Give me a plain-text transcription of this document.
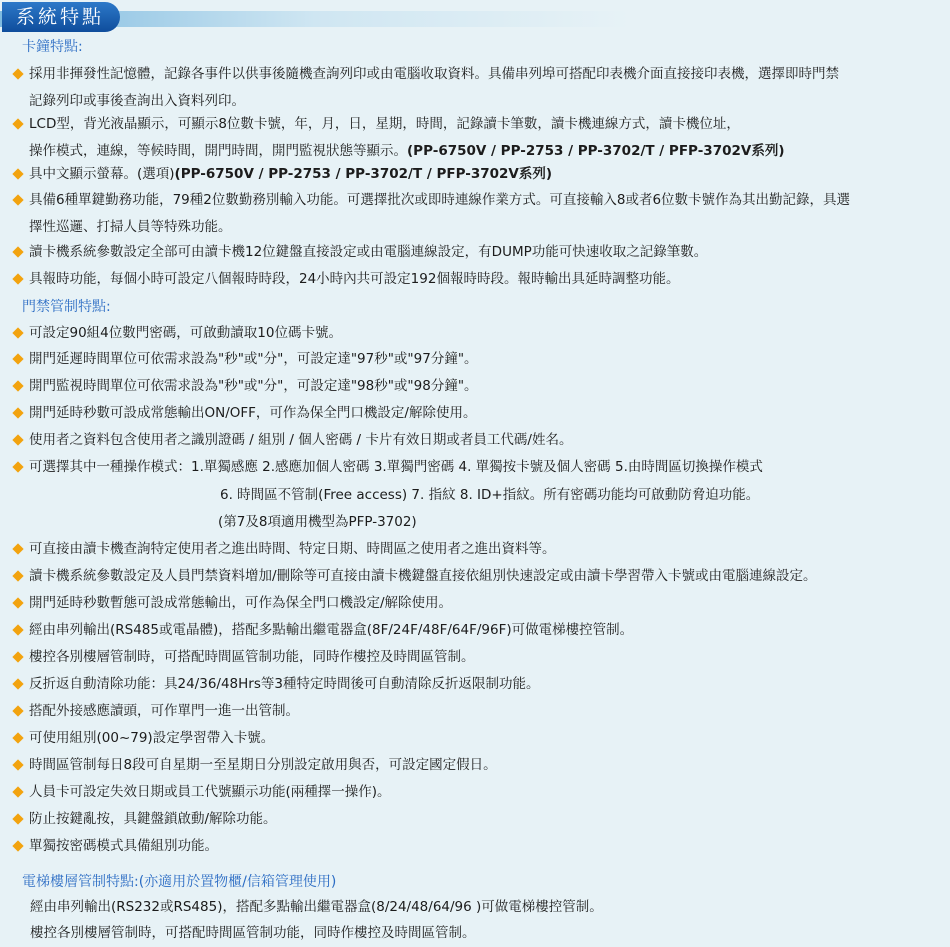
系統特點
卡鐘特點:
採用非揮發性記憶體，記錄各事件以供事後隨機查詢列印或由電腦收取資料。具備串列埠可搭配印表機介面直接接印表機，選擇即時門禁
記錄列印或事後查詢出入資料列印。
LCD型，背光液晶顯示，可顯示8位數卡號，年，月，日，星期，時間，記錄讀卡筆數，讀卡機連線方式，讀卡機位址，
操作模式，連線，等候時間，開門時間，開門監視狀態等顯示。(PP-6750V / PP-2753 / PP-3702/T / PFP-3702V系列)
具中文顯示螢幕。(選項)(PP-6750V / PP-2753 / PP-3702/T / PFP-3702V系列)
具備6種單鍵勤務功能，79種2位數勤務別輸入功能。可選擇批次或即時連線作業方式。可直接輸入8或者6位數卡號作為其出勤記錄，具選
擇性巡邏、打掃人員等特殊功能。
讀卡機系統參數設定全部可由讀卡機12位鍵盤直接設定或由電腦連線設定，有DUMP功能可快速收取之記錄筆數。
具報時功能，每個小時可設定八個報時時段，24小時內共可設定192個報時時段。報時輸出具延時調整功能。
門禁管制特點:
可設定90組4位數門密碼，可啟動讀取10位碼卡號。
開門延遲時間單位可依需求設為"秒"或"分"，可設定達"97秒"或"97分鐘"。
開門監視時間單位可依需求設為"秒"或"分"，可設定達"98秒"或"98分鐘"。
開門延時秒數可設成常態輸出ON/OFF，可作為保全門口機設定/解除使用。
使用者之資料包含使用者之識別證碼 / 組別 / 個人密碼 / 卡片有效日期或者員工代碼/姓名。
可選擇其中一種操作模式：1.單獨感應 2.感應加個人密碼 3.單獨門密碼 4. 單獨按卡號及個人密碼 5.由時間區切換操作模式
6. 時間區不管制(Free access) 7. 指紋 8. ID+指紋。所有密碼功能均可啟動防脅迫功能。
(第7及8項適用機型為PFP-3702)
可直接由讀卡機查詢特定使用者之進出時間、特定日期、時間區之使用者之進出資料等。
讀卡機系統參數設定及人員門禁資料增加/刪除等可直接由讀卡機鍵盤直接依組別快速設定或由讀卡學習帶入卡號或由電腦連線設定。
開門延時秒數暫態可設成常態輸出，可作為保全門口機設定/解除使用。
經由串列輸出(RS485或電晶體)，搭配多點輸出繼電器盒(8F/24F/48F/64F/96F)可做電梯樓控管制。
樓控各別樓層管制時，可搭配時間區管制功能，同時作樓控及時間區管制。
反折返自動清除功能：具24/36/48Hrs等3種特定時間後可自動清除反折返限制功能。
搭配外接感應讀頭，可作單門一進一出管制。
可使用組別(00~79)設定學習帶入卡號。
時間區管制每日8段可自星期一至星期日分別設定啟用與否，可設定國定假日。
人員卡可設定失效日期或員工代號顯示功能(兩種擇一操作)。
防止按鍵亂按，具鍵盤鎖啟動/解除功能。
單獨按密碼模式具備組別功能。
電梯樓層管制特點:(亦適用於置物櫃/信箱管理使用)
經由串列輸出(RS232或RS485)，搭配多點輸出繼電器盒(8/24/48/64/96 )可做電梯樓控管制。
樓控各別樓層管制時，可搭配時間區管制功能，同時作樓控及時間區管制。
